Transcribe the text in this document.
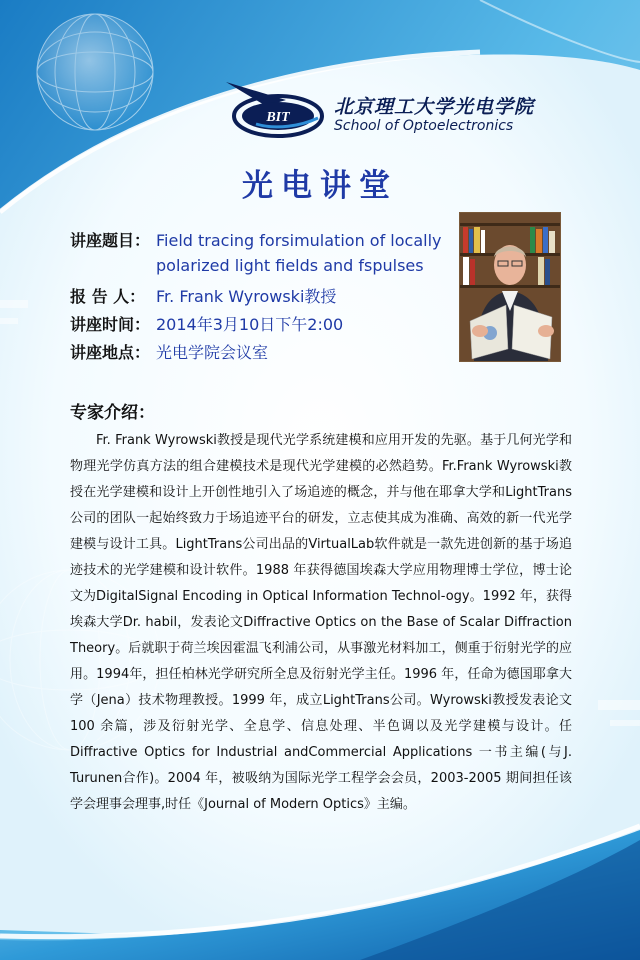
BIT 北京理工大学光电学院
School of Optoelectronics
光电讲堂
讲座题目： Field tracing forsimulation of locally
polarized light fields and fspulses
报 告 人： Fr. Frank Wyrowski教授
讲座时间： 2014年3月10日下午2:00
讲座地点： 光电学院会议室
专家介绍：
Fr. Frank Wyrowski教授是现代光学系统建模和应用开发的先驱。基于几何光学和物理光学仿真方法的组合建模技术是现代光学建模的必然趋势。Fr.Frank Wyrowski教授在光学建模和设计上开创性地引入了场追迹的概念，并与他在耶拿大学和LightTrans公司的团队一起始终致力于场追迹平台的研发，立志使其成为准确、高效的新一代光学建模与设计工具。LightTrans公司出品的VirtualLab软件就是一款先进创新的基于场追迹技术的光学建模和设计软件。1988 年获得德国埃森大学应用物理博士学位，博士论文为DigitalSignal Encoding in Optical Information Technol-ogy。1992 年，获得埃森大学Dr. habil，发表论文Diffractive Optics on the Base of Scalar Diffraction Theory。后就职于荷兰埃因霍温飞利浦公司，从事激光材料加工，侧重于衍射光学的应用。1994年，担任柏林光学研究所全息及衍射光学主任。1996 年，任命为德国耶拿大学（Jena）技术物理教授。1999 年，成立LightTrans公司。Wyrowski教授发表论文100 余篇，涉及衍射光学、全息学、信息处理、半色调以及光学建模与设计。任Diffractive Optics for Industrial andCommercial Applications 一书主编(与J. Turunen合作)。2004 年，被吸纳为国际光学工程学会会员，2003-2005 期间担任该学会理事会理事,时任《Journal of Modern Optics》主编。
